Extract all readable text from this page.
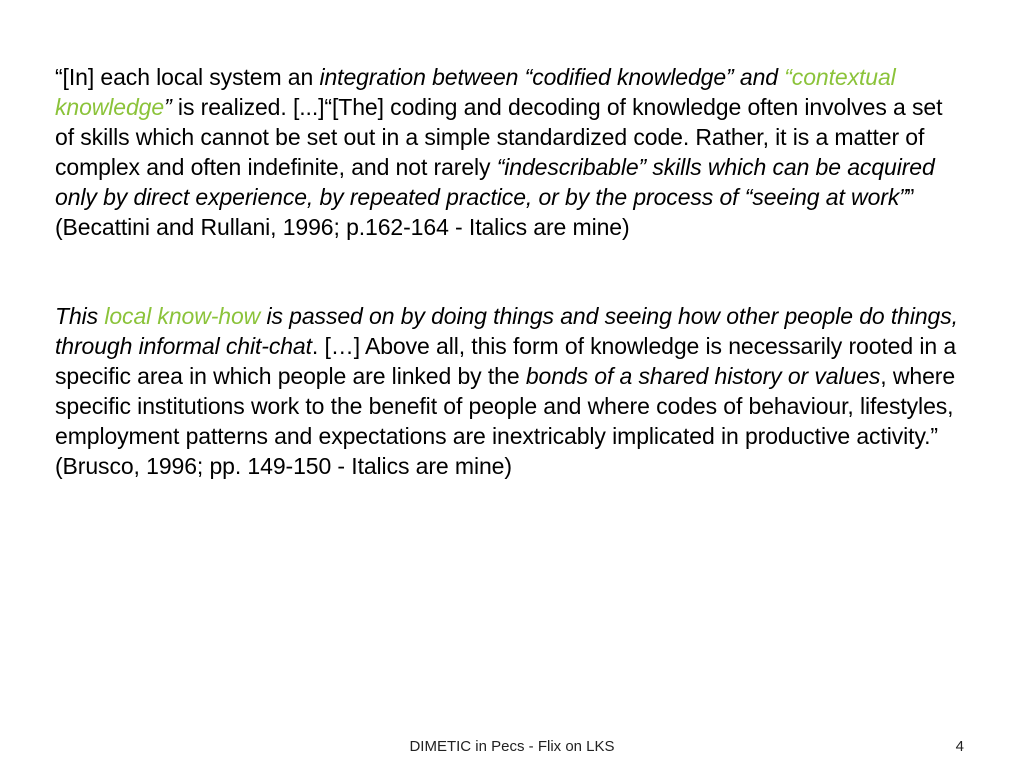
“[In] each local system an integration between “codified knowledge” and “contextual knowledge” is realized. [...]“[The] coding and decoding of knowledge often involves a set of skills which cannot be set out in a simple standardized code. Rather, it is a matter of complex and often indefinite, and not rarely “indescribable” skills which can be acquired only by direct experience, by repeated practice, or by the process of “seeing at work”” (Becattini and Rullani, 1996; p.162-164 - Italics are mine)

This local know-how is passed on by doing things and seeing how other people do things, through informal chit-chat. […] Above all, this form of knowledge is necessarily rooted in a specific area in which people are linked by the bonds of a shared history or values, where specific institutions work to the benefit of people and where codes of behaviour, lifestyles, employment patterns and expectations are inextricably implicated in productive activity.” (Brusco, 1996; pp. 149-150 - Italics are mine)

DIMETIC in Pecs - Flix on LKS	4
